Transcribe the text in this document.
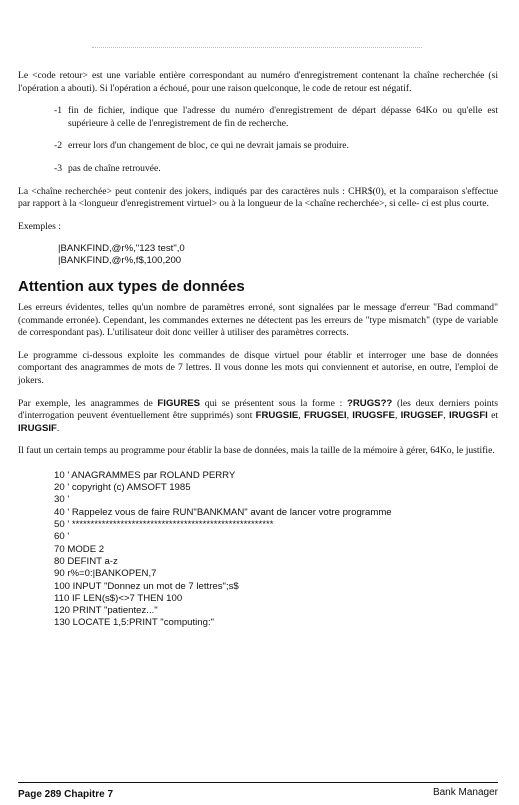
Le <code retour> est une variable entière correspondant au numéro d'enregistrement contenant la chaîne recherchée (si l'opération a abouti). Si l'opération a échoué, pour une raison quelconque, le code de retour est négatif.

-1 fin de fichier, indique que l'adresse du numéro d'enregistrement de départ dépasse 64Ko ou qu'elle est supérieure à celle de l'enregistrement de fin de recherche.
-2 erreur lors d'un changement de bloc, ce qui ne devrait jamais se produire.
-3 pas de chaîne retrouvée.

La <chaîne recherchée> peut contenir des jokers, indiqués par des caractères nuls : CHR$(0), et la comparaison s'effectue par rapport à la <longueur d'enregistrement virtuel> ou à la longueur de la <chaîne recherchée>, si celle- ci est plus courte.

Exemples :

|BANKFIND,@r%,"123 test",0
|BANKFIND,@r%,f$,100,200
Attention aux types de données

Les erreurs évidentes, telles qu'un nombre de paramètres erroné, sont signalées par le message d'erreur "Bad command" (commande erronée). Cependant, les commandes externes ne détectent pas les erreurs de "type mismatch" (type de variable de correspondant pas). L'utilisateur doit donc veiller à utiliser des paramètres corrects.

Le programme ci-dessous exploite les commandes de disque virtuel pour établir et interroger une base de données comportant des anagrammes de mots de 7 lettres. Il vous donne les mots qui conviennent et autorise, en outre, l'emploi de jokers.

Par exemple, les anagrammes de FIGURES qui se présentent sous la forme : ?RUGS?? (les deux derniers points d'interrogation peuvent éventuellement être supprimés) sont FRUGSIE, FRUGSEI, IRUGSFE, IRUGSEF, IRUGSFI et IRUGSIF.

Il faut un certain temps au programme pour établir la base de données, mais la taille de la mémoire à gérer, 64Ko, le justifie.

10 ' ANAGRAMMES par ROLAND PERRY
20 ' copyright (c) AMSOFT 1985
30 '
40 ' Rappelez vous de faire RUN"BANKMAN" avant de lancer votre programme
50 ' ******************************************************
60 '
70 MODE 2
80 DEFINT a-z
90 r%=0:|BANKOPEN,7
100 INPUT "Donnez un mot de 7 lettres";s$
110 IF LEN(s$)<>7 THEN 100
120 PRINT "patientez..."
130 LOCATE 1,5:PRINT "computing:"
Page 289 Chapitre 7	Bank Manager
